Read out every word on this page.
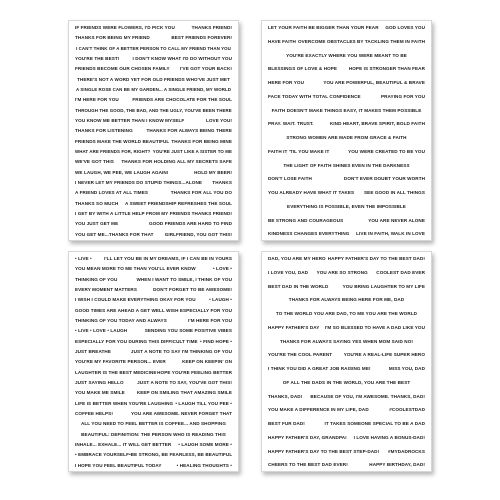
IF FRIENDS WERE FLOWERS, I'D PICK YOU	THANKS FRIEND!
THANKS FOR BEING MY FRIEND	BEST FRIENDS FOREVER!
I CAN'T THINK OF A BETTER PERSON TO CALL MY FRIEND THAN YOU
YOU'RE THE BEST!	I DON'T KNOW WHAT I'D DO WITHOUT YOU
FRIENDS BECOME OUR CHOSEN FAMILY I'VE GOT YOUR BACK!
THERE'S NOT A WORD YET FOR OLD FRIENDS WHO'VE JUST MET
A SINGLE ROSE CAN BE MY GARDEN... A SINGLE FRIEND, MY WORLD
I'M HERE FOR YOU	FRIENDS ARE CHOCOLATE FOR THE SOUL
THROUGH THE GOOD, THE BAD, AND THE UGLY, YOU'VE BEEN THERE
YOU KNOW ME BETTER THAN I KNOW MYSELF	LOVE YOU!
THANKS FOR LISTENING	THANKS FOR ALWAYS BEING THERE
FRIENDS MAKE THE WORLD BEAUTIFUL THANKS FOR BEING MINE
WHAT ARE FRIENDS FOR, RIGHT? YOU'RE JUST LIKE A SISTER TO ME
WE'VE GOT THIS THANKS FOR HOLDING ALL MY SECRETS SAFE
WE LAUGH, WE PEE, WE LAUGH AGAIN!	HOLD MY BEER!
I NEVER LET MY FRIENDS DO STUPID THINGS...ALONE THANKS
A FRIEND LOVES AT ALL TIMES	THANKS FOR ALL YOU DO
THANKS SO MUCH A SWEET FRIENDSHIP REFRESHES THE SOUL
I GET BY WITH A LITTLE HELP FROM MY FRIENDS THANKS FRIEND!
YOU JUST GET ME	GOOD FRIENDS ARE HARD TO FIND
YOU GET ME...THANKS FOR THAT GIRLFRIEND, YOU GOT THIS!
LET YOUR FAITH BE BIGGER THAN YOUR FEAR GOD LOVES YOU
HAVE FAITH OVERCOME OBSTACLES BY TACKLING THEM IN FAITH
YOU'RE EXACTLY WHERE YOU WERE MEANT TO BE
BLESSINGS OF LOVE & HOPE	HOPE IS STRONGER THAN FEAR
HERE FOR YOU	YOU ARE POWERFUL, BEAUTIFUL & BRAVE
FACE TODAY WITH TOTAL CONFIDENCE	PRAYING FOR YOU
FAITH DOESN'T MAKE THINGS EASY, IT MAKES THEM POSSIBLE
PRAY. WAIT. TRUST.	KIND HEART, BRAVE SPIRIT, BOLD FAITH
STRONG WOMEN ARE MADE FROM GRACE & FAITH
FAITH IT 'TIL YOU MAKE IT	YOU WERE CREATED TO BE YOU
THE LIGHT OF FAITH SHINES EVEN IN THE DARKNESS
DON'T LOSE FAITH	DON'T EVER DOUBT YOUR WORTH
YOU ALREADY HAVE WHAT IT TAKES SEE GOOD IN ALL THINGS
EVERYTHING IS POSSIBLE, EVEN THE IMPOSSIBLE
BE STRONG AND COURAGEOUS	YOU ARE NEVER ALONE
KINDNESS CHANGES EVERYTHING LIVE IN FAITH, WALK IN LOVE
• LIVE •	I'LL LET YOU BE IN MY DREAMS, IF I CAN BE IN YOURS
YOU MEAN MORE TO ME THAN YOU'LL EVER KNOW	• LOVE •
THINKING OF YOU	WHEN I WANT TO SMILE, I THINK OF YOU
EVERY MOMENT MATTERS	DON'T FORGET TO BE AWESOME!
I WISH I COULD MAKE EVERYTHING OKAY FOR YOU	• LAUGH •
GOOD TIMES ARE AHEAD A GET WELL WISH ESPECIALLY FOR YOU
THINKING OF YOU TODAY AND ALWAYS	I'M HERE FOR YOU
• LIVE • LOVE • LAUGH	SENDING YOU SOME POSITIVE VIBES
ESPECIALLY FOR YOU DURING THIS DIFFICULT TIME • FIND HOPE •
JUST BREATHE	JUST A NOTE TO SAY I'M THINKING OF YOU
YOU'RE MY FAVORITE PERSON... EVER	KEEP ON KEEPIN' ON
LAUGHTER IS THE BEST MEDICINE HOPE YOU'RE FEELING BETTER
JUST SAYING HELLO	JUST A NOTE TO SAY, YOU'VE GOT THIS!
YOU MAKE ME SMILE	KEEP ON SMILING THAT AMAZING SMILE
LIFE IS BETTER WHEN YOU'RE LAUGHING • LAUGH TILL YOU PEE •
COFFEE HELPS!	YOU ARE AWESOME. NEVER FORGET THAT
ALL YOU NEED TO FEEL BETTER IS COFFEE... AND SHOPPING
BEAUTIFUL: DEFINITION: THE PERSON WHO IS READING THIS
INHALE... EXHALE... IT WILL GET BETTER • LAUGH SOME MORE •
• EMBRACE YOURSELF• BE STRONG, BE FEARLESS, BE BEAUTIFUL
I HOPE YOU FEEL BEAUTIFUL TODAY	• HEALING THOUGHTS •
DAD, YOU ARE MY HERO HAPPY FATHER'S DAY TO THE BEST DAD!
I LOVE YOU, DAD YOU ARE SO STRONG COOLEST DAD EVER
BEST DAD IN THE WORLD	YOU BRING LAUGHTER TO MY LIFE
THANKS FOR ALWAYS BEING HERE FOR ME, DAD
TO THE WORLD YOU ARE DAD, TO ME YOU ARE THE WORLD
HAPPY FATHER'S DAY I'M SO BLESSED TO HAVE A DAD LIKE YOU
THANKS FOR ALWAYS SAYING YES WHEN MOM SAID NO!
YOU'RE THE COOL PARENT	YOU'RE A REAL-LIFE SUPER HERO
I THINK YOU DID A GREAT JOB RAISING ME!	MISS YOU, DAD
OF ALL THE DADS IN THE WORLD, YOU ARE THE BEST
THANKS, DAD! BECAUSE OF YOU, I'M AWESOME. THANKS, DAD!
YOU MAKE A DIFFERENCE IN MY LIFE, DAD	#COOLESTDAD
BEST FUR DAD!	IT TAKES SOMEONE SPECIAL TO BE A DAD
HAPPY FATHER'S DAY, GRANDPA! I LOVE HAVING A BONUS-DAD!
HAPPY FATHER'S DAY TO THE BEST STEP-DAD! #MYDADROCKS
CHEERS TO THE BEST DAD EVER!	HAPPY BIRTHDAY, DAD!
